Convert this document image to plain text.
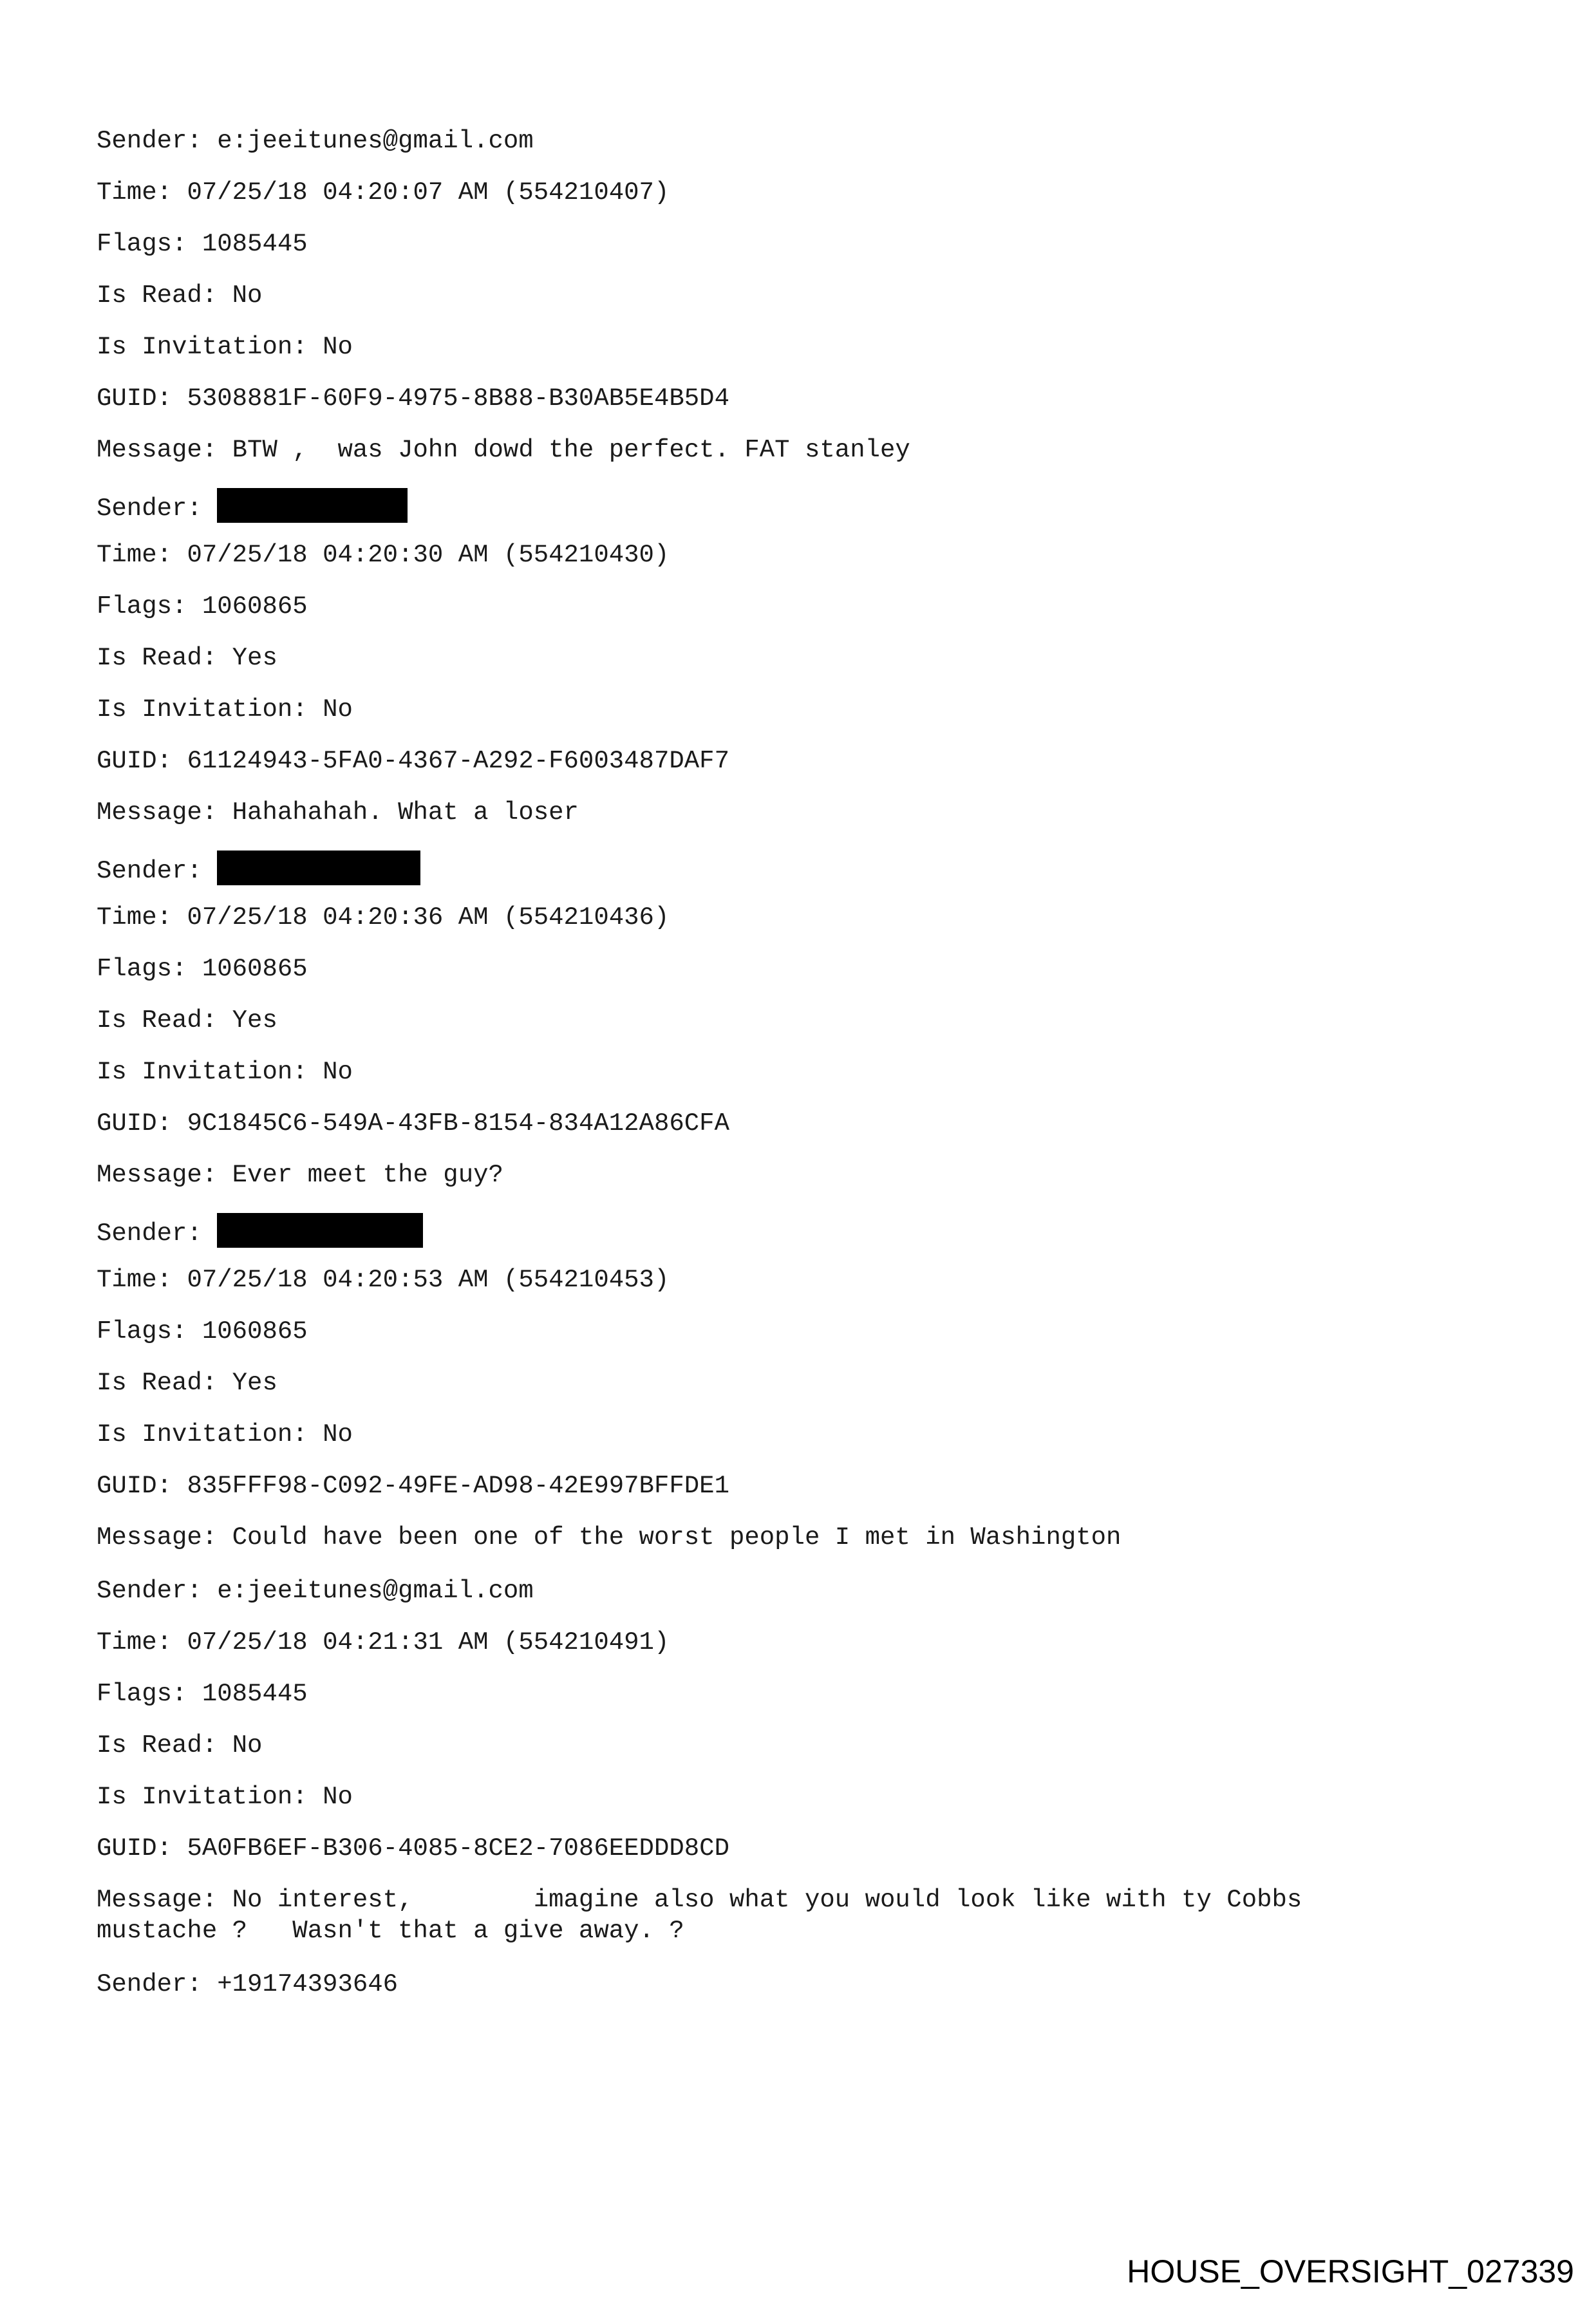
Sender: e:jeeitunes@gmail.com
Time: 07/25/18 04:20:07 AM (554210407)
Flags: 1085445
Is Read: No
Is Invitation: No
GUID: 5308881F-60F9-4975-8B88-B30AB5E4B5D4
Message: BTW ,  was John dowd the perfect. FAT stanley
Sender:
Time: 07/25/18 04:20:30 AM (554210430)
Flags: 1060865
Is Read: Yes
Is Invitation: No
GUID: 61124943-5FA0-4367-A292-F6003487DAF7
Message: Hahahahah. What a loser
Sender:
Time: 07/25/18 04:20:36 AM (554210436)
Flags: 1060865
Is Read: Yes
Is Invitation: No
GUID: 9C1845C6-549A-43FB-8154-834A12A86CFA
Message: Ever meet the guy?
Sender:
Time: 07/25/18 04:20:53 AM (554210453)
Flags: 1060865
Is Read: Yes
Is Invitation: No
GUID: 835FFF98-C092-49FE-AD98-42E997BFFDE1
Message: Could have been one of the worst people I met in Washington
Sender: e:jeeitunes@gmail.com
Time: 07/25/18 04:21:31 AM (554210491)
Flags: 1085445
Is Read: No
Is Invitation: No
GUID: 5A0FB6EF-B306-4085-8CE2-7086EEDDD8CD
Message: No interest,        imagine also what you would look like with ty Cobbs
mustache ?   Wasn't that a give away. ?
Sender: +19174393646
HOUSE_OVERSIGHT_027339
